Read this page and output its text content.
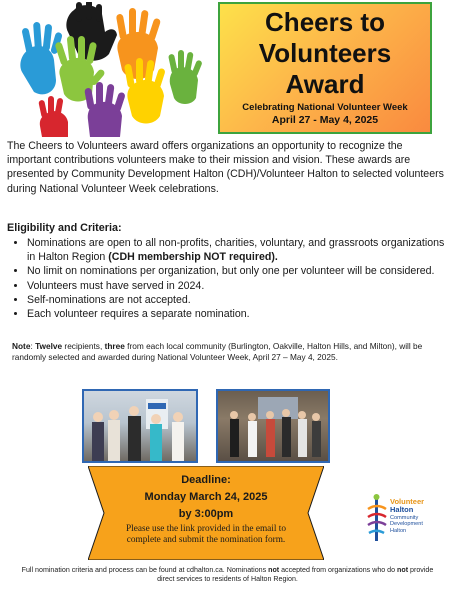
Cheers to
Volunteers
Award
Celebrating National Volunteer Week
April 27 - May 4, 2025

The Cheers to Volunteers award offers organizations an opportunity to recognize the important contributions volunteers make to their mission and vision. These awards are presented by Community Development Halton (CDH)/Volunteer Halton to selected volunteers during National Volunteer Week celebrations.

Eligibility and Criteria:

• Nominations are open to all non-profits, charities, voluntary, and grassroots organizations in Halton Region (CDH membership NOT required).
• No limit on nominations per organization, but only one per volunteer will be considered.
• Volunteers must have served in 2024.
• Self-nominations are not accepted.
• Each volunteer requires a separate nomination.

Note: Twelve recipients, three from each local community (Burlington, Oakville, Halton Hills, and Milton), will be randomly selected and awarded during National Volunteer Week, April 27 – May 4, 2025.

Deadline:
Monday March 24, 2025
by 3:00pm
Please use the link provided in the email to complete and submit the nomination form.
Volunteer
Halton
Community
Development
Halton

Full nomination criteria and process can be found at cdhalton.ca. Nominations not accepted from organizations who do not provide direct services to residents of Halton Region.
